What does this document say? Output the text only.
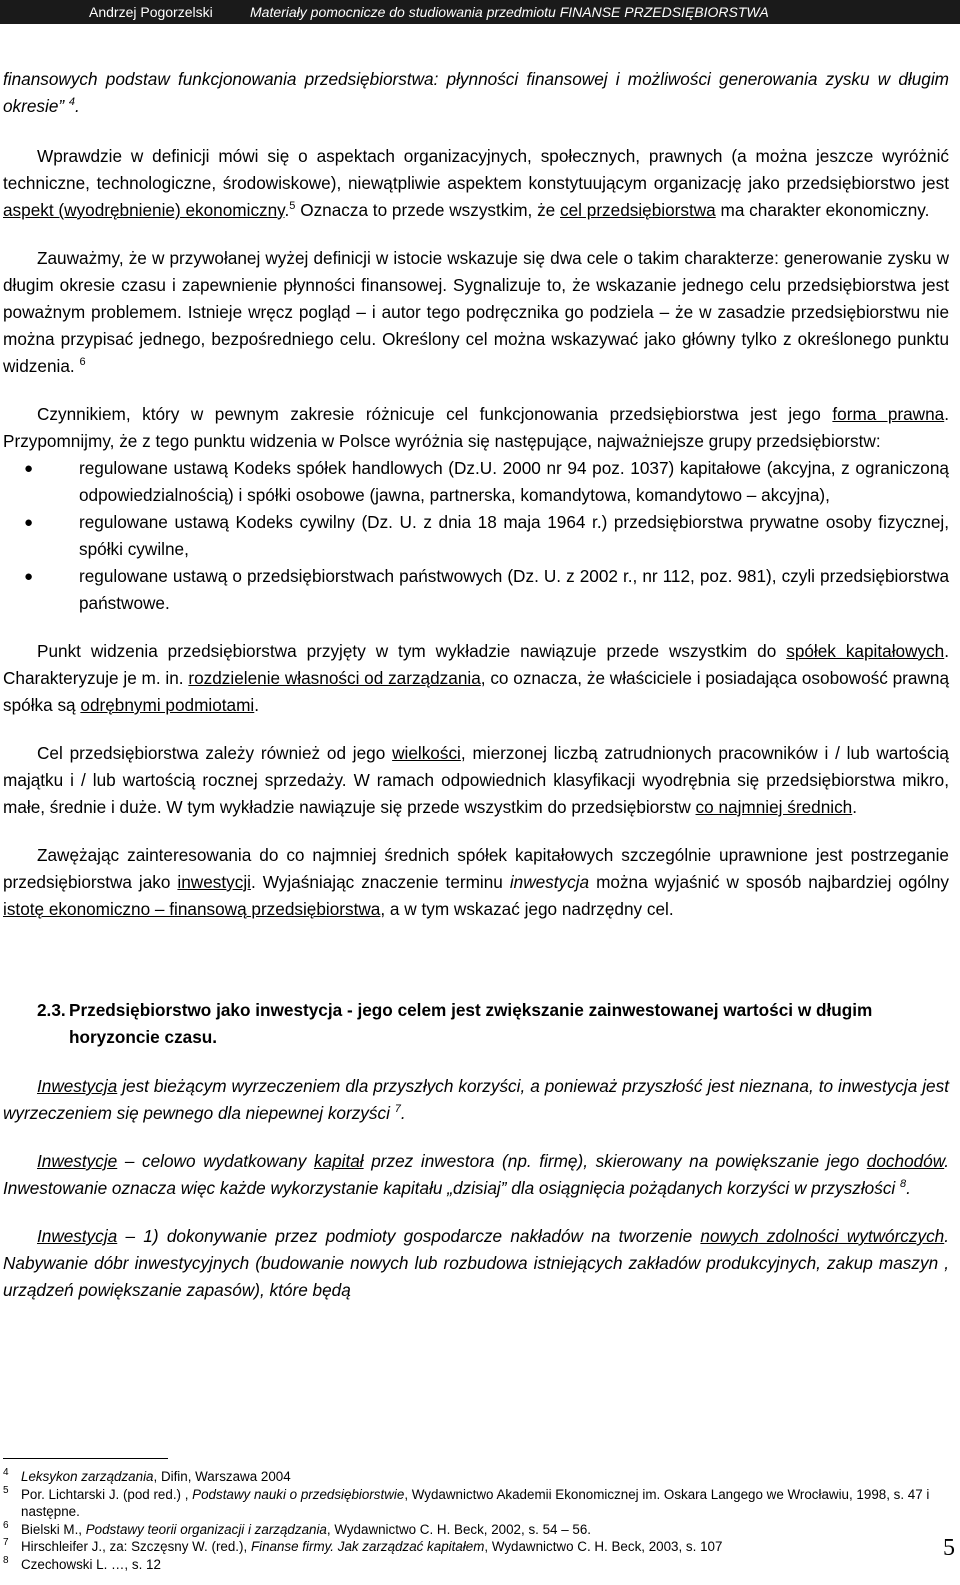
Andrzej Pogorzelski	Materiały pomocnicze do studiowania przedmiotu FINANSE PRZEDSIĘBIORSTWA

finansowych podstaw funkcjonowania przedsiębiorstwa: płynności finansowej i możliwości generowania zysku w długim okresie” $^4$.

Wprawdzie w definicji mówi się o aspektach organizacyjnych, społecznych, prawnych (a można jeszcze wyróżnić techniczne, technologiczne, środowiskowe), niewątpliwie aspektem konstytuującym organizację jako przedsiębiorstwo jest aspekt (wyodrębnienie) ekonomiczny.$^5$ Oznacza to przede wszystkim, że cel przedsiębiorstwa ma charakter ekonomiczny.

Zauważmy, że w przywołanej wyżej definicji w istocie wskazuje się dwa cele o takim charakterze: generowanie zysku w długim okresie czasu i zapewnienie płynności finansowej. Sygnalizuje to, że wskazanie jednego celu przedsiębiorstwa jest poważnym problemem. Istnieje wręcz pogląd – i autor tego podręcznika go podziela – że w zasadzie przedsiębiorstwu nie można przypisać jednego, bezpośredniego celu. Określony cel można wskazywać jako główny tylko z określonego punktu widzenia. $^6$

Czynnikiem, który w pewnym zakresie różnicuje cel funkcjonowania przedsiębiorstwa jest jego forma prawna. Przypomnijmy, że z tego punktu widzenia w Polsce wyróżnia się następujące, najważniejsze grupy przedsiębiorstw:

●	regulowane ustawą Kodeks spółek handlowych (Dz.U. 2000 nr 94 poz. 1037) kapitałowe (akcyjna, z ograniczoną odpowiedzialnością) i spółki osobowe (jawna, partnerska, komandytowa, komandytowo – akcyjna),
●	regulowane ustawą Kodeks cywilny (Dz. U. z dnia 18 maja 1964 r.) przedsiębiorstwa prywatne osoby fizycznej, spółki cywilne,
●	regulowane ustawą o przedsiębiorstwach państwowych (Dz. U. z 2002 r., nr 112, poz. 981), czyli przedsiębiorstwa państwowe.

Punkt widzenia przedsiębiorstwa przyjęty w tym wykładzie nawiązuje przede wszystkim do spółek kapitałowych. Charakteryzuje je m. in. rozdzielenie własności od zarządzania, co oznacza, że właściciele i posiadająca osobowość prawną spółka są odrębnymi podmiotami.

Cel przedsiębiorstwa zależy również od jego wielkości, mierzonej liczbą zatrudnionych pracowników i / lub wartością majątku i / lub wartością rocznej sprzedaży. W ramach odpowiednich klasyfikacji wyodrębnia się przedsiębiorstwa mikro, małe, średnie i duże. W tym wykładzie nawiązuje się przede wszystkim do przedsiębiorstw co najmniej średnich.

Zawężając zainteresowania do co najmniej średnich spółek kapitałowych szczególnie uprawnione jest postrzeganie przedsiębiorstwa jako inwestycji. Wyjaśniając znaczenie terminu inwestycja można wyjaśnić w sposób najbardziej ogólny istotę ekonomiczno – finansową przedsiębiorstwa, a w tym wskazać jego nadrzędny cel.

2.3. Przedsiębiorstwo jako inwestycja - jego celem jest zwiększanie zainwestowanej wartości w długim horyzoncie czasu.

Inwestycja jest bieżącym wyrzeczeniem dla przyszłych korzyści, a ponieważ przyszłość jest nieznana, to inwestycja jest wyrzeczeniem się pewnego dla niepewnej korzyści $^7$.

Inwestycje – celowo wydatkowany kapitał przez inwestora (np. firmę), skierowany na powiększanie jego dochodów. Inwestowanie oznacza więc każde wykorzystanie kapitału „dzisiaj” dla osiągnięcia pożądanych korzyści w przyszłości $^8$.

Inwestycja – 1) dokonywanie przez podmioty gospodarcze nakładów na tworzenie nowych zdolności wytwórczych. Nabywanie dóbr inwestycyjnych (budowanie nowych lub rozbudowa istniejących zakładów produkcyjnych, zakup maszyn , urządzeń powiększanie zapasów), które będą

4 Leksykon zarządzania, Difin, Warszawa 2004
5 Por. Lichtarski J. (pod red.) , Podstawy nauki o przedsiębiorstwie, Wydawnictwo Akademii Ekonomicznej im. Oskara Langego we Wrocławiu, 1998, s. 47 i następne.
6 Bielski M., Podstawy teorii organizacji i zarządzania, Wydawnictwo C. H. Beck, 2002, s. 54 – 56.
7 Hirschleifer J., za: Szczęsny W. (red.), Finanse firmy. Jak zarządzać kapitałem, Wydawnictwo C. H. Beck, 2003, s. 107
8 Czechowski L. …, s. 12
5
